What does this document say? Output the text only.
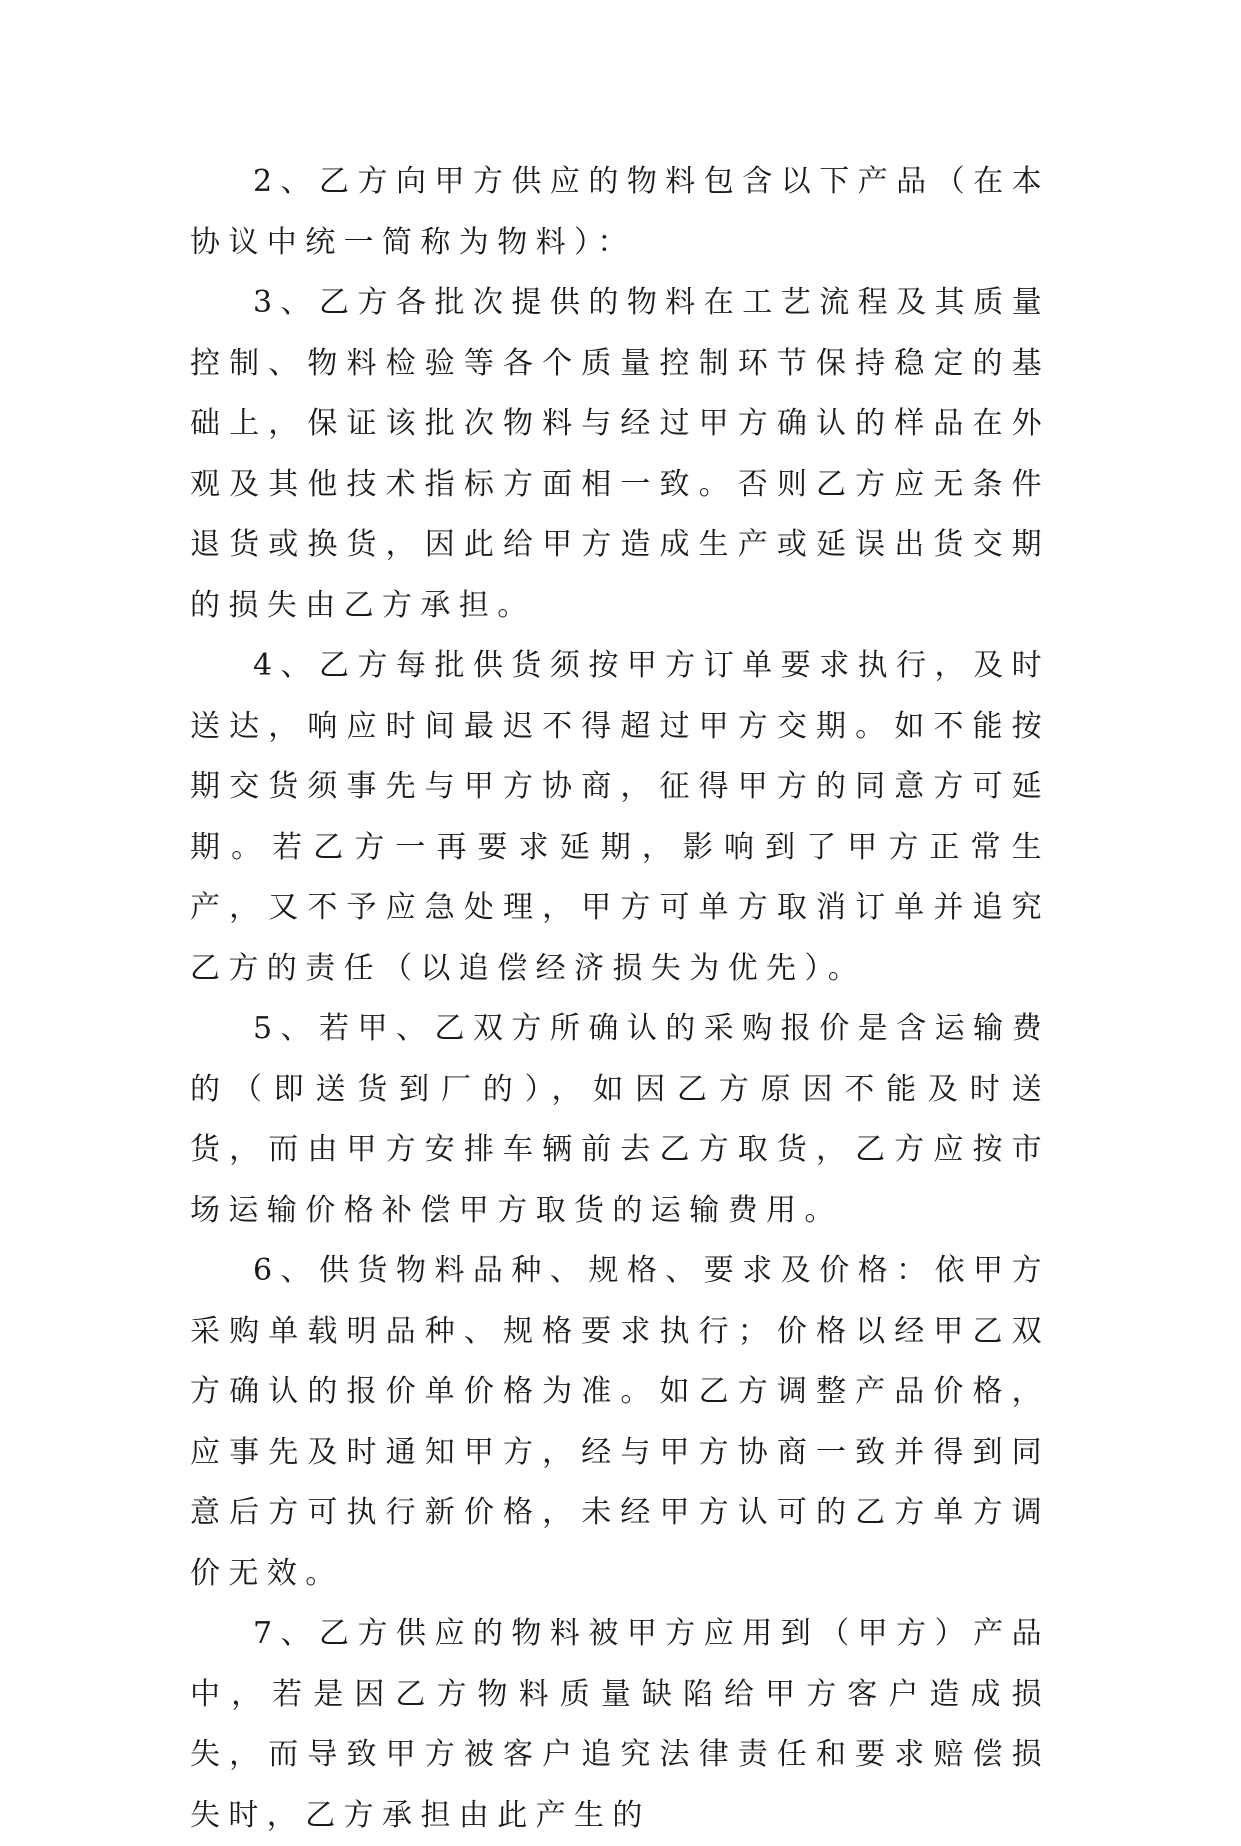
2、乙方向甲方供应的物料包含以下产品（在本协议中统一简称为物料）：

3、乙方各批次提供的物料在工艺流程及其质量控制、物料检验等各个质量控制环节保持稳定的基础上，保证该批次物料与经过甲方确认的样品在外观及其他技术指标方面相一致。否则乙方应无条件退货或换货，因此给甲方造成生产或延误出货交期的损失由乙方承担。

4、乙方每批供货须按甲方订单要求执行，及时送达，响应时间最迟不得超过甲方交期。如不能按期交货须事先与甲方协商，征得甲方的同意方可延期。若乙方一再要求延期，影响到了甲方正常生产，又不予应急处理，甲方可单方取消订单并追究乙方的责任（以追偿经济损失为优先）。

5、若甲、乙双方所确认的采购报价是含运输费的（即送货到厂的），如因乙方原因不能及时送货，而由甲方安排车辆前去乙方取货，乙方应按市场运输价格补偿甲方取货的运输费用。

6、供货物料品种、规格、要求及价格：依甲方采购单载明品种、规格要求执行；价格以经甲乙双方确认的报价单价格为准。如乙方调整产品价格，应事先及时通知甲方，经与甲方协商一致并得到同意后方可执行新价格，未经甲方认可的乙方单方调价无效。

7、乙方供应的物料被甲方应用到（甲方）产品中，若是因乙方物料质量缺陷给甲方客户造成损失，而导致甲方被客户追究法律责任和要求赔偿损失时，乙方承担由此产生的
